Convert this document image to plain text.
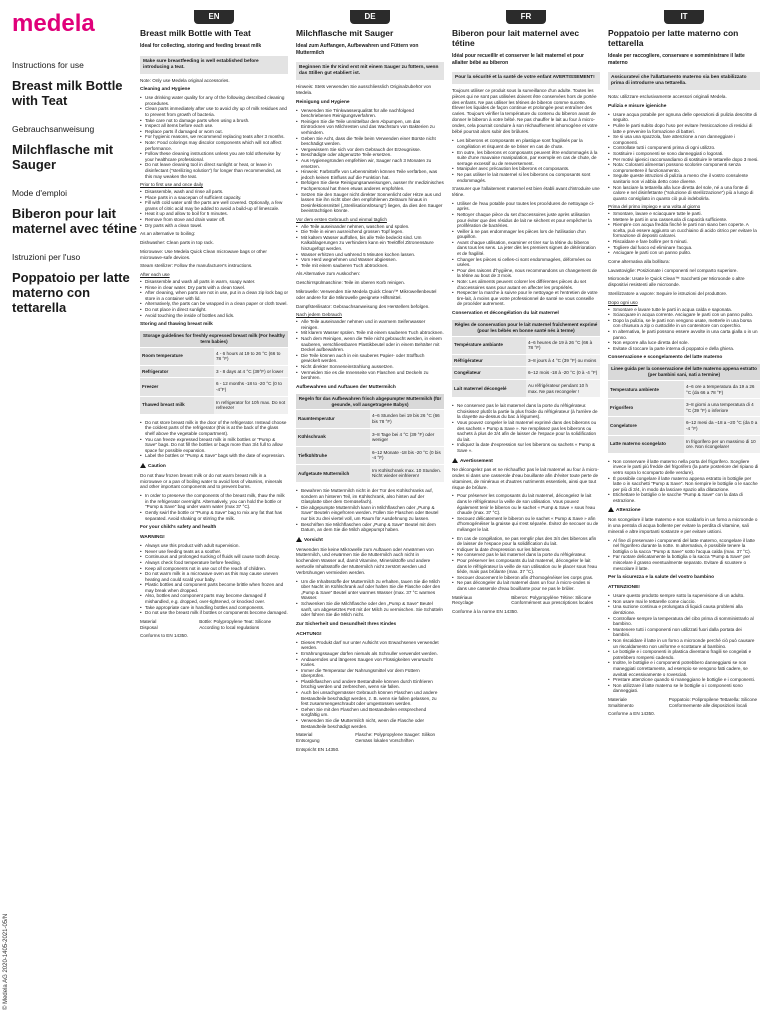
medela
Instructions for use
Breast milk Bottle with Teat
Gebrauchsanweisung
Milchflasche mit Sauger
Mode d'emploi
Biberon pour lait maternel avec tétine
Istruzioni per l'uso
Poppatoio per latte materno con tettarella
© Medela AG 2020-1405-2021-05/N
EN
Breast milk Bottle with Teat
Ideal for collecting, storing and feeding breast milk
Make sure breastfeeding is well established before introducing a teat.
Note: Only use Medela original accessories.
Cleaning and Hygiene
• Use drinking water quality for any of the following described cleaning procedures.
• Clean parts immediately after use to avoid dry up of milk residues and to prevent from growth of bacteria.
• Take care not to damage parts when using a brush.
• Inspect all items before each use.
• Replace parts if damaged or worn out.
• For hygienic reasons, we recommend replacing teats after 3 months.
• Note: Food colorings may discolor components which will not affect performance.
• Follow these cleaning instructions unless you are told otherwise by your healthcare professional.
• Do not leave cleaning tool in direct sunlight or heat, or leave in disinfectant ("sterilizing solution") for longer than recommended, as this may weaken the teat.
Prior to first use and once daily
• Disassemble, wash and rinse all parts.
• Place parts in a saucepan of sufficient capacity.
• Fill with cold water until the parts are well covered. Optionally, a few grams of citric acid may be added to avoid a build-up of limescale.
• Heat it up and allow to boil for 5 minutes.
• Remove from stove and drain water off.
• Dry parts with a clean towel.
As an alternative to boiling:
Dishwasher: Clean parts in top rack.
Microwave: Use Medela Quick Clean microwave bags or other microwave-safe devices.
Steam sterilizer: Follow the manufacturer's instructions.
After each use
• Disassemble and wash all parts in warm, soapy water.
• Rinse in clear water. Dry parts with a clean towel.
• After cleaning, when parts are not in use, put in a clean zip lock bag or store in a container with lid.
• Alternatively, the parts can be wrapped in a clean paper or cloth towel.
• Do not place in direct sunlight.
• Avoid touching the inside of bottles and lids.
Storing and thawing breast milk
Storage guidelines for freshly expressed breast milk (For healthy term babies)	
Room temperature	4 - 6 hours at 19 to 26 °C (66 to 78 °F)
Refrigerator	3 - 8 days at 4 °C (39°F) or lower
Freezer	6 - 12 months -18 to -20 °C (0 to -4°F)
Thawed breast milk	In refrigerator for 10h max. Do not refreeze!
• Do not store breast milk in the door of the refrigerator. Instead choose the coldest parts of the refrigerator (this is at the back of the glass shelf above the vegetable compartment).
• You can freeze expressed breast milk in milk bottles or "Pump & Save" bags. Do not fill the bottles or bags more than 3/4 full to allow space for possible expansion.
• Label the bottles or "Pump & Save" bags with the date of expression.
Caution
Do not thaw frozen breast milk or do not warm breast milk in a microwave or a pan of boiling water to avoid loss of vitamins, minerals and other important components and to prevent burns.
• In order to preserve the components of the breast milk, thaw the milk in the refrigerator overnight. Alternatively, you can hold the bottle or "Pump & Save" bag under warm water (max 37 °C).
• Gently swirl the bottle or "Pump & Save" bag to mix any fat that has separated. Avoid shaking or stirring the milk.
For your child's safety and health
WARNING!
• Always use this product with adult supervision.
• Never use feeding teats as a soother.
• Continuous and prolonged sucking of fluids will cause tooth decay.
• Always check food temperature before feeding.
• Keep all components not in use out of the reach of children.
• Do not warm milk in a microwave oven as this may cause uneven heating and could scald your baby.
• Plastic bottles and component parts become brittle when frozen and may break when dropped.
• Also, bottles and component parts may become damaged if mishandled, e.g. dropped, over-tightened, or knocked over.
• Take appropriate care in handling bottles and components.
• Do not use the breast milk if bottles or components become damaged.
Material	Bottle: Polypropylene Teat: Silicone
Disposal	According to local regulations
Conforms to EN 14350.
DE
Milchflasche mit Sauger
Ideal zum Auffangen, Aufbewahren und Füttern von Muttermilch
Beginnen Sie Ihr Kind erst mit einem Sauger zu füttern, wenn das Stillen gut etabliert ist.
Hinweis: Stets verwenden Sie ausschliesslich Originalzubehör von Medela.
Reinigung und Hygiene
• Verwenden Sie Trinkwasserqualität für alle nachfolgend beschriebenen Reinigungsverfahren.
• Reinigen Sie die Teile unmittelbar dem Abpumpen, um das Eintrocknen von Milchresten und das Wachstum von Bakterien zu verhindern.
• Geben Sie Acht, dass die Teile beim Verwenden einer Bürste nicht beschädigt werden.
• Vergewissern Sie sich vor dem Gebrauch der Erzeugnisse.
• Beschädigte oder abgenutzte Teile ersetzen.
• Aus Hygienegründen empfehlen wir, Sauger nach 3 Monaten zu ersetzen.
• Hinweis: Farbstoffe von Lebensmitteln können Teile verfärben, was jedoch keinen Einfluss auf die Funktion hat.
• Befolgen Sie diese Reinigungsanweisungen, ausser Ihr medizinisches Fachpersonal hat Ihnen etwas anderes empfohlen.
• Setzen Sie den Sauger nicht direkter Sonnenlicht oder Hitze aus und lassen Sie ihn nicht über den empfohlenen Zeitraum hinaus in Desinfektionsmittel („Sterilisationslösung“) liegen, da dies den Sauger beeinträchtigen könnte.
Vor dem ersten Gebrauch und einmal täglich
• Alle Teile auseinander nehmen, waschen und spülen.
• Die Teile in einen ausreichend grossen Topf legen.
• Mit kaltem Wasser auffüllen, bis alle Teile bedeckt sind. Um Kalkablagerungen zu verhindern kann ein Teelöffel Zitronensäure hinzugefügt werden.
• Wasser erhitzen und während 5 Minuten kochen lassen.
• Vom Herd wegnehmen und Wasser abgiessen.
• Teile mit einem sauberen Tuch abtrocknen.
Als Alternative zum Auskochen:
Geschirrspülmaschine: Teile im oberen Korb reinigen.
Mikrowelle: Verwenden Sie Medela Quick Clean™ Mikrowellenbeutel oder andere für die Mikrowelle geeignete Hilfsmittel.
Dampfsterilisator: Gebrauchsanweisung des Herstellers befolgen.
Nach jedem Gebrauch
• Alle Teile auseinander nehmen und in warmem Seifenwasser reinigen.
• Mit klarem Wasser spülen. Teile mit einem sauberen Tuch abtrocknen.
• Nach dem Reinigen, wenn die Teile nicht gebraucht werden, in einem sauberen, verschliessbaren Plastikbeutel oder in einem Behälter mit Deckel aufbewahren.
• Die Teile können auch in ein sauberes Papier- oder Stofftuch gewickelt werden.
• Nicht direkter Sonneneinstrahlung aussetzen.
• Vermeiden Sie es die Innenseite von Flaschen und Deckeln zu berühren.
Aufbewahren und Auftauen der Muttermilch
Regeln für das Aufbewahren frisch abgepumpter Muttermilch (für gesunde, voll ausgetragene Babys)	
Raumtemperatur	4–6 Stunden bei 19 bis 26 °C (66 bis 78 °F)
Kühlschrank	3–8 Tage bei 4 °C (39 °F) oder weniger
Tiefkühltruhe	6–12 Monate -18 bis -20 °C (0 bis -4 °F)
Aufgetaute Muttermilch	Im Kühlschrank max. 10 Stunden. Nicht wieder einfrieren!
• Bewahren Sie Muttermilch nicht in der Tür des Kühlschranks auf, sondern an hinteren Teil, im Kühlschrank, also hinten auf der Glasplatte über dem Gemüsefach).
• Die abgepumpte Muttermilch kann in Milchflaschen oder „Pump & Save“ Beuteln eingefroren werden. Füllen Sie Flaschen oder Beutel nur bis zu drei viertel voll, um Raum für Ausdehnung zu lassen.
• Beschriften Sie Milchflaschen oder „Pump & Save“ Beutel mit dem Datum, an dem Sie die Milch abgepumpt haben.
Vorsicht
Verwenden Sie keine Mikrowelle zum Auftauen oder Anwärmen von Muttermilch, und erwärmen Sie die Muttermilch auch nicht in kochendem Wasser auf, damit Vitamine, Mineralstoffe und andere wertvolle Inhaltsstoffe der Muttermilch nicht zerstört werden und Verbrühungen vermieden werden.
• Um die Inhaltsstoffe der Muttermilch zu erhalten, tauen Sie die Milch über Nacht im Kühlschrank auf oder halten Sie die Flasche oder den „Pump & Save“ Beutel unter warmes Wasser (max. 37 °C warmes Wasser.
• Schwenken Sie die Milchflasche oder den „Pump & Save“ Beutel sanft, um abgesetztes Fett mit der Milch zu vermischen. Sie Schütteln oder führen Sie die Milch nicht.
Zur Sicherheit und Gesundheit Ihres Kindes
ACHTUNG!
• Dieses Produkt darf nur unter Aufsicht von Erwachsenen verwendet werden.
• Ernährungssauger dürfen niemals als Schnuller verwendet werden.
• Andauerndes und längeres Saugen von Flüssigkeiten verursacht Karies.
• Immer die Temperatur der Nahrungsmittel vor dem Füttern überprüfen.
• Plastikflaschen und andere Bestandteile können durch Einfrieren brüchig werden und zerbrechen, wenn sie fallen.
• Auch bei unsachgemässer Gebrauch können Flaschen und andere Bestandteile beschädigt werden, z. B. wenn sie fallen gelassen, zu fest zusammengeschraubt oder umgestossen werden.
• Gehen Sie mit den Flaschen und Bestandteilen entsprechend sorgfältig um.
• Verwenden Sie die Muttermilch nicht, wenn die Flasche oder Bestandteile beschädigt werden.
Material	Flasche: Polypropylene Sauger: Silikon
Entsorgung	Gemäss lokalen Vorschriften
Entspricht EN 14350.
FR
Biberon pour lait maternel avec tétine
Idéal pour recueillir et conserver le lait maternel et pour allaiter bébé au biberon
Pour la sécurité et la santé de votre enfant AVERTISSEMENT!
Toujours utiliser ce produit sous la surveillance d'un adulte. Toutes les pièces qui ne sont pas utilisées doivent être conservées hors de portée des enfants. Ne pas utiliser les tétines de biberon comme sucette. Élever les liquides de façon continue et prolongée peut entraîner des caries. Toujours vérifier la température du contenu du biberon avant de donner le biberon à votre bébé. Ne pas chauffer le lait au four à micro-ondes, cela pourrait conduire à son réchauffement inhomogène et votre bébé pourrait alors subir des brûlures.
• Les biberons et composants en plastique sont fragilisés par la congélation et risquent de se briser en cas de chute.
• En outre, les biberons et composants peuvent être endommagés à la suite d'une mauvaise manipulation, par exemple en cas de chute, de serrage excessif ou de renversement.
• Manipuler avec précaution les biberons et composants.
• Ne pas utiliser le lait maternel si les biberons ou composants sont endommagés.
S'assurer que l'allaitement maternel est bien établi avant d'introduire une tétine.
• Utiliser de l'eau potable pour toutes les procédures de nettoyage ci-après.
• Nettoyer chaque pièce du set d'accessoires juste après utilisation pour éviter que des résidus de lait ne sèchent et pour empêcher la prolifération de bactéries.
• Veiller à ne pas endommager les pièces lors de l'utilisation d'un goupillon.
• Avant chaque utilisation, examiner et tirer sur la tétine du biberon dans tous les sens. La jeter dès les premiers signes de détérioration et de fragilité.
• Changer les pièces si celles-ci sont endommagées, déformées ou usées.
• Pour des raisons d'hygiène, nous recommandons un changement de la tétine au bout de 3 mois.
• Note: Les aliments peuvent colorer les différentes pièces du set d'accessoires sans pour autant en affecter les propriétés.
• Respecter la marche à suivre pour le nettoyage et l'entretien de votre tire-lait, à moins que votre professionnel de santé ne vous conseille de procéder autrement.
Conservation et décongélation du lait maternel
Règles de conservation pour le lait maternel fraîchement exprimé (pour les bébés en bonne santé nés à terme)	
Température ambiante	4–6 heures de 19 à 26 °C (66 à 78 °F)
Réfrigérateur	3–8 jours à 4 °C (39 °F) ou moins
Congélateur	6–12 mois -18 à -20 °C (0 à -4 °F)
Lait maternel décongelé	Au réfrigérateur pendant 10 h max. Ne pas recongeler !
• Ne conservez pas le lait maternel dans la porte du réfrigérateur. Choisissez plutôt la partie la plus froide du réfrigérateur (à l'arrière de la clayette au-dessus du bac à légumes).
• Vous pouvez congeler le lait maternel exprimé dans des biberons ou des sachets « Pump & Save ». Ne remplissez pas les biberons ou sachets à plus de 3/4 afin de laisser de l'espace pour la solidification du lait.
• Indiquez la date d'expression sur les biberons ou sachets « Pump & Save ».
Avertissement
Ne décongelez pas et ne réchauffez pas le lait maternel au four à micro-ondes ni dans une casserole d'eau bouillante afin d'éviter toute perte de vitamines, de minéraux et d'autres nutriments essentiels, ainsi que tout risque de brûlure.
• Pour préserver les composants du lait maternel, décongelez le lait dans le réfrigérateur la veille de son utilisation. Vous pouvez également tenir le biberon ou le sachet « Pump & Save » sous l'eau chaude (max. 37 °C).
• Secouez délicatement le biberon ou le sachet « Pump & Save » afin d'homogénéiser la graisse qui s'est séparée. Évitez de secouer ou de mélanger le lait.
• En cas de congélation, ne pas remplir plus des 3/4 des biberons afin de laisser de l'espace pour la solidification du lait.
• Indiquer la date d'expression sur les biberons.
• Ne conservez pas le lait maternel dans la porte du réfrigérateur.
• Pour préserver les composants du lait maternel, décongeler le lait dans le réfrigérateur la veille de son utilisation ou le placer sous l'eau tiède, mais pas brûlante (max. 37 °C).
• Secouer doucement le biberon afin d'homogénéiser les corps gras.
• Ne pas décongeler du lait maternel dans un four à micro-ondes ni dans une casserole d'eau bouillante pour ne pas le brûler.
Matériaux	Biberon: Polypropylène Tétine: Silicone
Recyclage	Conformément aux prescriptions locales
Conforme à la norme EN 14350.
IT
Poppatoio per latte materno con tettarella
Ideale per raccogliere, conservare e somministrare il latte materno
Assicuratevi che l'allattamento materno sia ben stabilizzato prima di introdurre una tettarella.
Nota: utilizzare esclusivamente accessori originali Medela.
Pulizia e misure igieniche
• Usare acqua potabile per ognuna delle operazioni di pulizia descritte di seguito.
• Pulire le parti subito dopo l'uso per evitare l'essiccazione di residui di latte e prevenire la formazione di batteri.
• Se si usa una spazzola, fare attenzione a non danneggiare i componenti.
• Controllate tutti i componenti prima di ogni utilizzo.
• Sostituire i componenti se sono danneggiati o logorati.
• Per motivi igienici raccomandiamo di sostituire le tettarelle dopo 3 mesi.
• Nota: Coloranti alimentari possono scolorire componenti senza compromettere il funzionamento.
• Seguite queste istruzioni di pulizia a meno che il vostro consulente sanitario non vi abbia detto cose diverse.
• Non lasciare la tettarella alla luce diretta del sole, né a una fonte di calore e nel disinfettante ("soluzione di sterilizzazione") più a lungo di quanto consigliato in quanto ciò può indebolirla.
Prima del primo impiego e una volta al giorno
• Smontare, lavare e sciacquare tutte le parti.
• Mettere le parti in una casseruola di capacità sufficiente.
• Riempire con acqua fredda finché le parti non siano ben coperte. A scelta, può essere aggiunto un cucchiaino di acido citrico per evitare la formazione di depositi calcarei.
• Riscaldare e fare bollire per 5 minuti.
• Togliere dal fuoco ed eliminare l'acqua.
• Asciugare le parti con un panno pulito.
Come alternativa alla bollitura:
Lavastoviglie: Posizionate i componenti nel comparto superiore.
Microonde: Usate le Quick Clean™ Sacchetti per Microonde o altre dispositivi resistenti alle microonde.
Sterilizzatore a vapore: Seguire le istruzioni del produttore.
Dopo ogni uso
• Smontare e lavare tutte le parti in acqua calda e saponata.
• Sciacquare in acqua corrente. Asciugare le parti con un panno pulito.
• Dopo la pulizia, se le parti non vengono usate, metterle in una borsa con chiusura a zip o custodirle in un contenitore con coperchio.
• In alternativa, le parti possono essere avvolte in una carta gialla o in un panno.
• Non esporre alla luce diretta del sole.
• Evitate di toccare la parte interna di poppatoi e della ghiera.
Conservazione e scongelamento del latte materno
Linee guida per la conservazione del latte materno appena estratto (per bambini sani, nati a termine)	
Temperatura ambiente	4–6 ore a temperatura da 19 a 26 °C (da 66 a 78 °F)
Frigorifero	3–8 giorni a una temperatura di 4 °C (39 °F) o inferiore
Congelatore	6–12 mesi da –18 a –20 °C (da 0 a -4 °F)
Latte materno scongelato	In frigorifero per un massimo di 10 ore. Non ricongelare!
• Non conservare il latte materno nella porta del frigorifero. Scegliere invece le parti più fredde del frigorifero (la parte posteriore del ripiano di vetro sopra lo scomparto delle verdure).
• È possibile congelare il latte materno appena estratto in bottiglie per latte o in sacchetti "Pump & Save". Non riempire le bottiglie o le sacche per più di 3/4, in modo da lasciare spazio alla dilatazione.
• Etichettare le bottiglie o le sacche "Pump & Save" con la data di estrazione.
Attenzione
Non scongelare il latte materno e non scaldarlo in un forno a microonde o in una pentola di acqua bollente per evitare la perdita di vitamine, sali minerali e altre importanti sostanze e per evitare ustioni.
• Al fine di preservare i componenti del latte materno, scongelare il latte nel frigorifero durante la notte. In alternativa, è possibile tenere la bottiglia o la sacca "Pump & Save" sotto l'acqua calda (max. 37 °C).
• Far ruotare delicatamente la bottiglia o la sacca "Pump & Save" per miscelare il grasso eventualmente separato. Evitare di scuotere o mescolare il latte.
Per la sicurezza e la salute del vostro bambino
ATTENZIONE!
• Usare questo prodotto sempre sotto la supervisione di un adulto.
• Non usare mai le tettarelle come ciuccio.
• Una suzione continua e prolungata di liquidi causa problemi alla dentizione.
• Controllare sempre la temperatura del cibo prima di somministrarlo al bambino.
• Mantenere tutti i componenti non utilizzati fuori dalla portata dei bambini.
• Non riscaldare il latte in un forno a microonde perché ciò può causare un riscaldamento non uniforme e scottature al bambino.
• Le bottiglie e i componenti in plastica diventano fragili se congelati e potrebbero rompersi cadendo.
• Inoltre, le bottiglie e i componenti potrebbero danneggiarsi se non maneggiati correttamente, ad esempio se vengono fatti cadere, se avvitati eccessivamente o rovesciati.
• Prestare attenzione quando si maneggiano le bottiglie e i componenti.
• Non utilizzare il latte materno se le bottiglie o i componenti sono danneggiati.
Materiale	Poppatoio: Polipropilene Tettarella: Silicone
Smaltimento	Conformemente alle disposizioni locali
Conforme a EN 14350.
